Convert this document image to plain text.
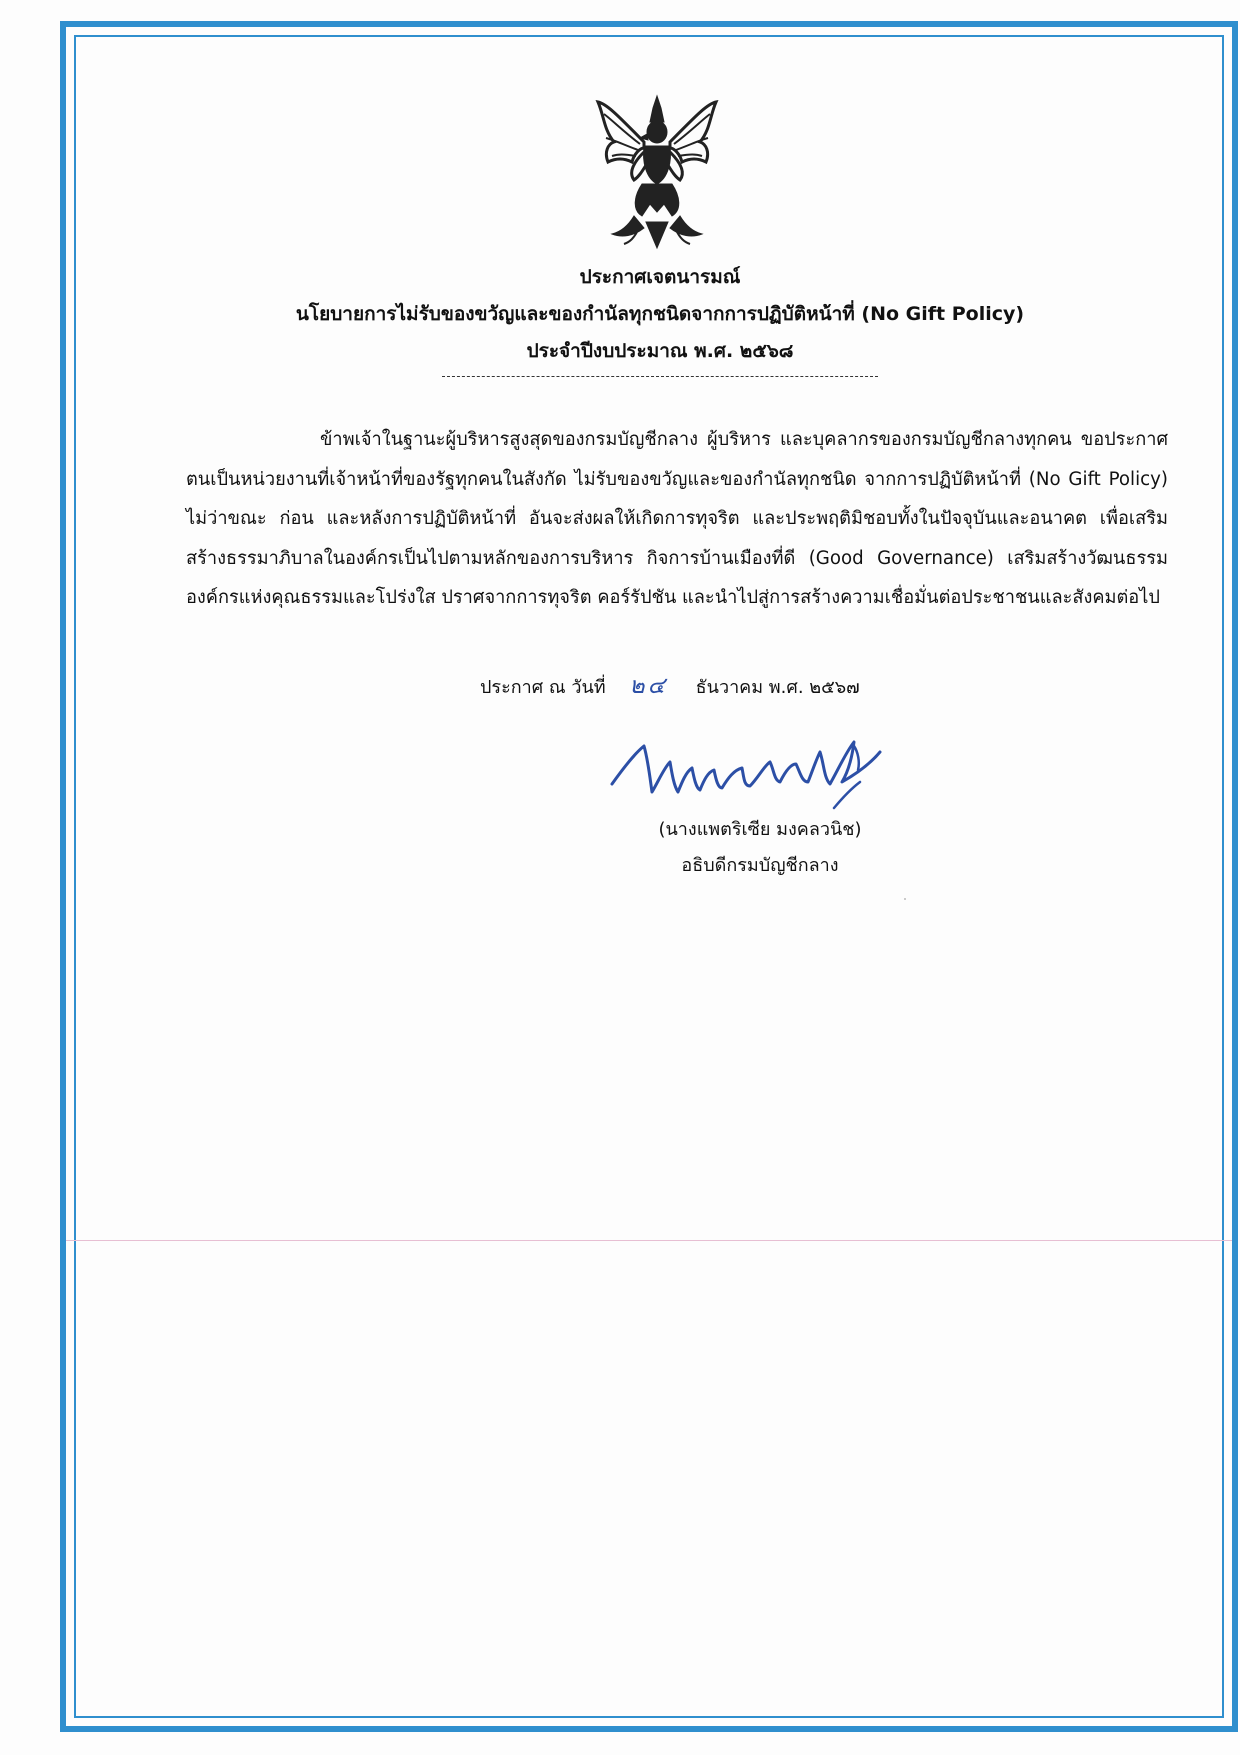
ประกาศเจตนารมณ์
นโยบายการไม่รับของขวัญและของกำนัลทุกชนิดจากการปฏิบัติหน้าที่ (No Gift Policy)
ประจำปีงบประมาณ พ.ศ. ๒๕๖๘

ข้าพเจ้าในฐานะผู้บริหารสูงสุดของกรมบัญชีกลาง ผู้บริหาร และบุคลากรของกรมบัญชีกลางทุกคน ขอประกาศตนเป็นหน่วยงานที่เจ้าหน้าที่ของรัฐทุกคนในสังกัด ไม่รับของขวัญและของกำนัลทุกชนิด จากการปฏิบัติหน้าที่ (No Gift Policy) ไม่ว่าขณะ ก่อน และหลังการปฏิบัติหน้าที่ อันจะส่งผลให้เกิดการทุจริต และประพฤติมิชอบทั้งในปัจจุบันและอนาคต เพื่อเสริมสร้างธรรมาภิบาลในองค์กรเป็นไปตามหลักของการบริหาร กิจการบ้านเมืองที่ดี (Good Governance) เสริมสร้างวัฒนธรรมองค์กรแห่งคุณธรรมและโปร่งใส ปราศจากการทุจริต คอร์รัปชัน และนำไปสู่การสร้างความเชื่อมั่นต่อประชาชนและสังคมต่อไป

ประกาศ ณ วันที่ ๒๔ ธันวาคม พ.ศ. ๒๕๖๗
(นางแพตริเซีย มงคลวนิช)
อธิบดีกรมบัญชีกลาง
